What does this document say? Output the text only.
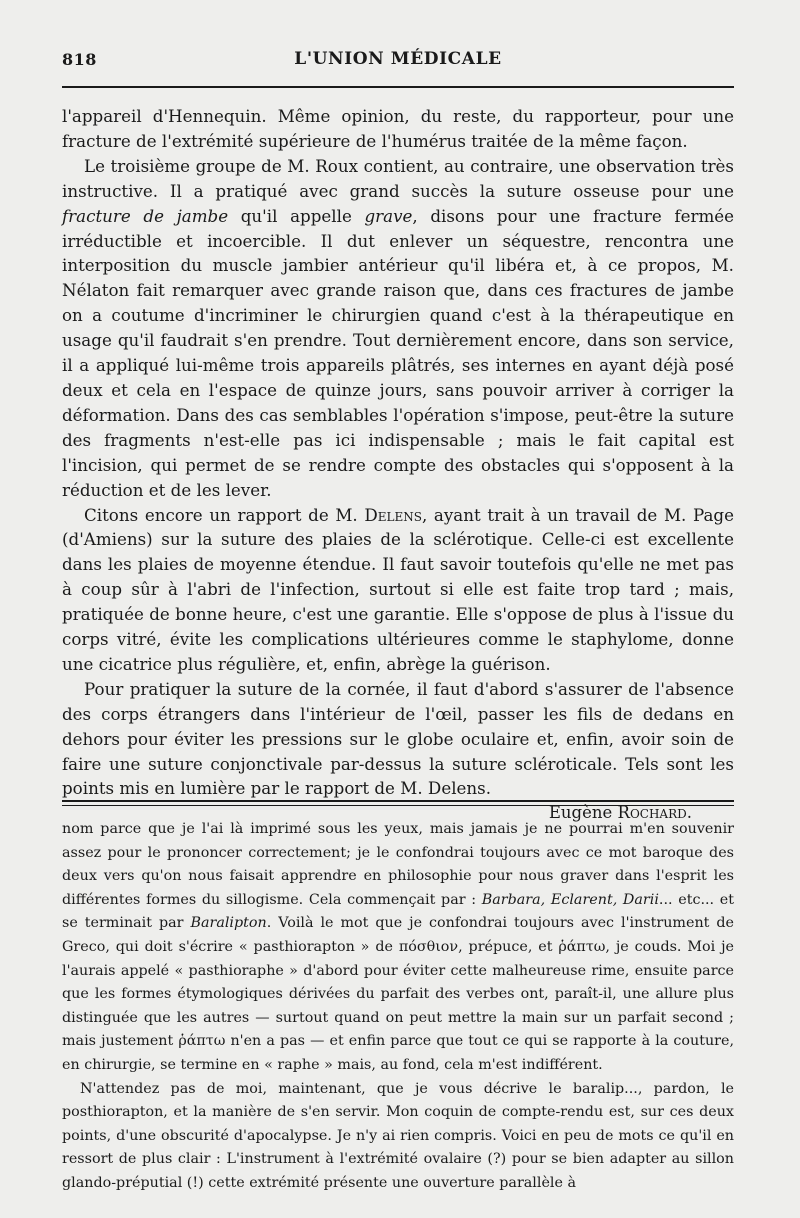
818	L'UNION MÉDICALE

l'appareil d'Hennequin. Même opinion, du reste, du rapporteur, pour une fracture de l'extrémité supérieure de l'humérus traitée de la même façon.

Le troisième groupe de M. Roux contient, au contraire, une observation très instructive. Il a pratiqué avec grand succès la suture osseuse pour une fracture de jambe qu'il appelle grave, disons pour une fracture fermée irréductible et incoercible. Il dut enlever un séquestre, rencontra une interposition du muscle jambier antérieur qu'il libéra et, à ce propos, M. Nélaton fait remarquer avec grande raison que, dans ces fractures de jambe on a coutume d'incriminer le chirurgien quand c'est à la thérapeutique en usage qu'il faudrait s'en prendre. Tout dernièrement encore, dans son service, il a appliqué lui-même trois appareils plâtrés, ses internes en ayant déjà posé deux et cela en l'espace de quinze jours, sans pouvoir arriver à corriger la déformation. Dans des cas semblables l'opération s'impose, peut-être la suture des fragments n'est-elle pas ici indispensable ; mais le fait capital est l'incision, qui permet de se rendre compte des obstacles qui s'opposent à la réduction et de les lever.

Citons encore un rapport de M. Delens, ayant trait à un travail de M. Page (d'Amiens) sur la suture des plaies de la sclérotique. Celle-ci est excellente dans les plaies de moyenne étendue. Il faut savoir toutefois qu'elle ne met pas à coup sûr à l'abri de l'infection, surtout si elle est faite trop tard ; mais, pratiquée de bonne heure, c'est une garantie. Elle s'oppose de plus à l'issue du corps vitré, évite les complications ultérieures comme le staphylome, donne une cicatrice plus régulière, et, enfin, abrège la guérison.

Pour pratiquer la suture de la cornée, il faut d'abord s'assurer de l'absence des corps étrangers dans l'intérieur de l'œil, passer les fils de dedans en dehors pour éviter les pressions sur le globe oculaire et, enfin, avoir soin de faire une suture conjonctivale par-dessus la suture scléroticale. Tels sont les points mis en lumière par le rapport de M. Delens.

Eugène Rochard.

nom parce que je l'ai là imprimé sous les yeux, mais jamais je ne pourrai m'en souvenir assez pour le prononcer correctement; je le confondrai toujours avec ce mot baroque des deux vers qu'on nous faisait apprendre en philosophie pour nous graver dans l'esprit les différentes formes du sillogisme. Cela commençait par : Barbara, Eclarent, Darii... etc... et se terminait par Baralipton. Voilà le mot que je confondrai toujours avec l'instrument de Greco, qui doit s'écrire « pasthiorapton » de πόσθιον, prépuce, et ῥάπτω, je couds. Moi je l'aurais appelé « pasthioraphe » d'abord pour éviter cette malheureuse rime, ensuite parce que les formes étymologiques dérivées du parfait des verbes ont, paraît-il, une allure plus distinguée que les autres — surtout quand on peut mettre la main sur un parfait second ; mais justement ῥάπτω n'en a pas — et enfin parce que tout ce qui se rapporte à la couture, en chirurgie, se termine en « raphe » mais, au fond, cela m'est indifférent.

N'attendez pas de moi, maintenant, que je vous décrive le baralip..., pardon, le posthiorapton, et la manière de s'en servir. Mon coquin de compte-rendu est, sur ces deux points, d'une obscurité d'apocalypse. Je n'y ai rien compris. Voici en peu de mots ce qu'il en ressort de plus clair : L'instrument à l'extrémité ovalaire (?) pour se bien adapter au sillon glando-préputial (!) cette extrémité présente une ouverture parallèle à
